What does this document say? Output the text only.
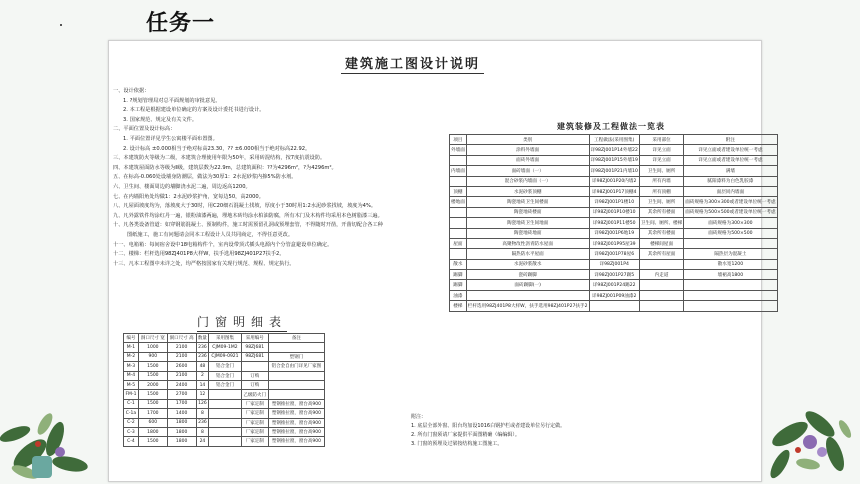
任务一
建筑施工图设计说明
一、设计依据：
1. ?规划管理局对总平面规划的审批意见。
2. 本工程是根据建设单位确定的方案及设计委托书进行设计。
3. 国家规范、规定及有关文件。
二、平面位置及设计标高：
1. 平面位置详见学生公寓楼平面布置图。
2. 设计标高 ±0.000相当于绝对标高23.30，?? ±6.000相当于绝对标高22.92。
三、本建筑防火等级为二级，本建筑合理使用年限为50年，采用砖混结构，按7度抗震设防。
四、本建筑屋面防水等级为Ⅱ级，建筑层数为22.9m，总建筑面积：??为4296m²，?为4296m²。
五、在标高-0.060处设墙身防潮层，做法为30厚1：2水泥砂浆内掺5%防水剂。
六、卫生间、楼面周边的墙脚浇水泥二遍，周边返高1200。
七、在内墙阳角处均做1：2水泥砂浆护角，宽每边50，高2000。
八、凡屋面坡度均为，落坡度大于30时，用C20细石混凝土找坡，厚度小于30时用1:2水泥砂浆找坡，坡度为4%。
九、凡外露铁件均涂红丹一遍，银粉油漆两遍，埋地木砖均涂水柏油防腐，所有木门及木构件均采用本色树脂漆三遍。
十、凡各类设备管道：如穿钢筋混凝土、预制构件，施工时需预留孔洞或预埋套管，不得随时开凿，开凿切配合各工种
图纸施工，施工有问题请会同本工程设计人员共同商定，不得任意更改。
十一、电箱箱：每间宿舍设中18电箱构件个，室内设带顶式插头电源内个分管盒避设单位确定。
十二、楼梯：栏杆选用98ZJ401P8大样W，扶手选用98ZJ401P27扶手2。
十三、凡本工程图中未详之处，均严格按国家有关现行规范、规程、规定执行。
门窗明细表
编号	洞口尺寸 宽	洞口尺寸 高	数量	采用图集	采用编号	备注
M-1	1000	2100	236	CJM09-1M2	98ZJ681	
M-2	900	2100	236	CJM09-0921	98ZJ681	塑钢门
M-3	1500	2600	48	铝合金门		铝合金自由门详见厂家图
M-4	1500	2100	2	铝合金门	订购	
M-5	2000	2400	14	铝合金门	订购	
FM-1	1500	2700	12		乙级防火门	
C-1	1500	1700	126		厂家定制	塑钢推拉窗，窗台高900
C-1a	1700	1400	8		厂家定制	塑钢推拉窗，窗台高900
C-2	600	1800	236		厂家定制	塑钢推拉窗，窗台高900
C-3	1800	1800	8		厂家定制	塑钢推拉窗，窗台高900
C-4	1500	1800	24		厂家定制	塑钢推拉窗，窗台高900
建筑装修及工程做法一览表
项目	类别	工程做法(采用图集)	采用部位	附注
外墙面	涂料外墙面	详98ZJ001P14外墙22	详见立面	详见立面或者建设单位统一考虑
	面砖外墙面	详98ZJ001P15外墙19	详见立面	详见立面或者建设单位统一考虑
内墙面	面砖墙面（一）	详98ZJ001P21内墙10	卫生间、厕所	满墙
	混合砂浆内墙面（一）	详98ZJ001P20内墙2	所有内墙	腻阳漆料为白色乳胶漆
顶棚	水泥砂浆顶棚	详98ZJ001P17顶棚4	所有顶棚	面层同内墙面
楼地面	陶瓷地砖卫生间楼面	详98ZJ001P1楼10	卫生间、厕所	面砖规格为300×300或者建设单位统一考虑
	陶瓷地砖楼面	详98ZJ001P10楼10	其余所有楼面	面砖规格为500×500或者建设单位统一考虑
	陶瓷地砖卫生间地面	详98ZJ001P11楼50	卫生间、厕所、楼梯	面砖规格为300×300
	陶瓷地砖地面	详98ZJ001P6地19	其余所有楼面	面砖规格为500×500
屋面	高聚物改性沥青防水屋面	详98ZJ001P95屋39	楼梯间屋面	
	隔热防水平屋面	详98ZJ001P78屋6	其余所有屋面	隔热层为混凝土
散水	水泥砂浆散水	详98ZJ001P4		散水宽1200
踢脚	瓷砖踢脚	详98ZJ001P27踢5	内走道	墙裙高1800
踢脚	面砖踢脚(一)	详98ZJ001P24踢22		
油漆		详98ZJ001P09油漆2		
楼梯	栏杆选用98ZJ401P8大样W，扶手选用98ZJ401P27扶手2			
附注：
1. 底层全部外窗、阳台均加设1016白钢护栏或者建设单位另行定做。
2. 所有门窗须请厂家提供平面图精确（编编辑）。
3. 门窗的预埋及过梁按结构施工图施工。
